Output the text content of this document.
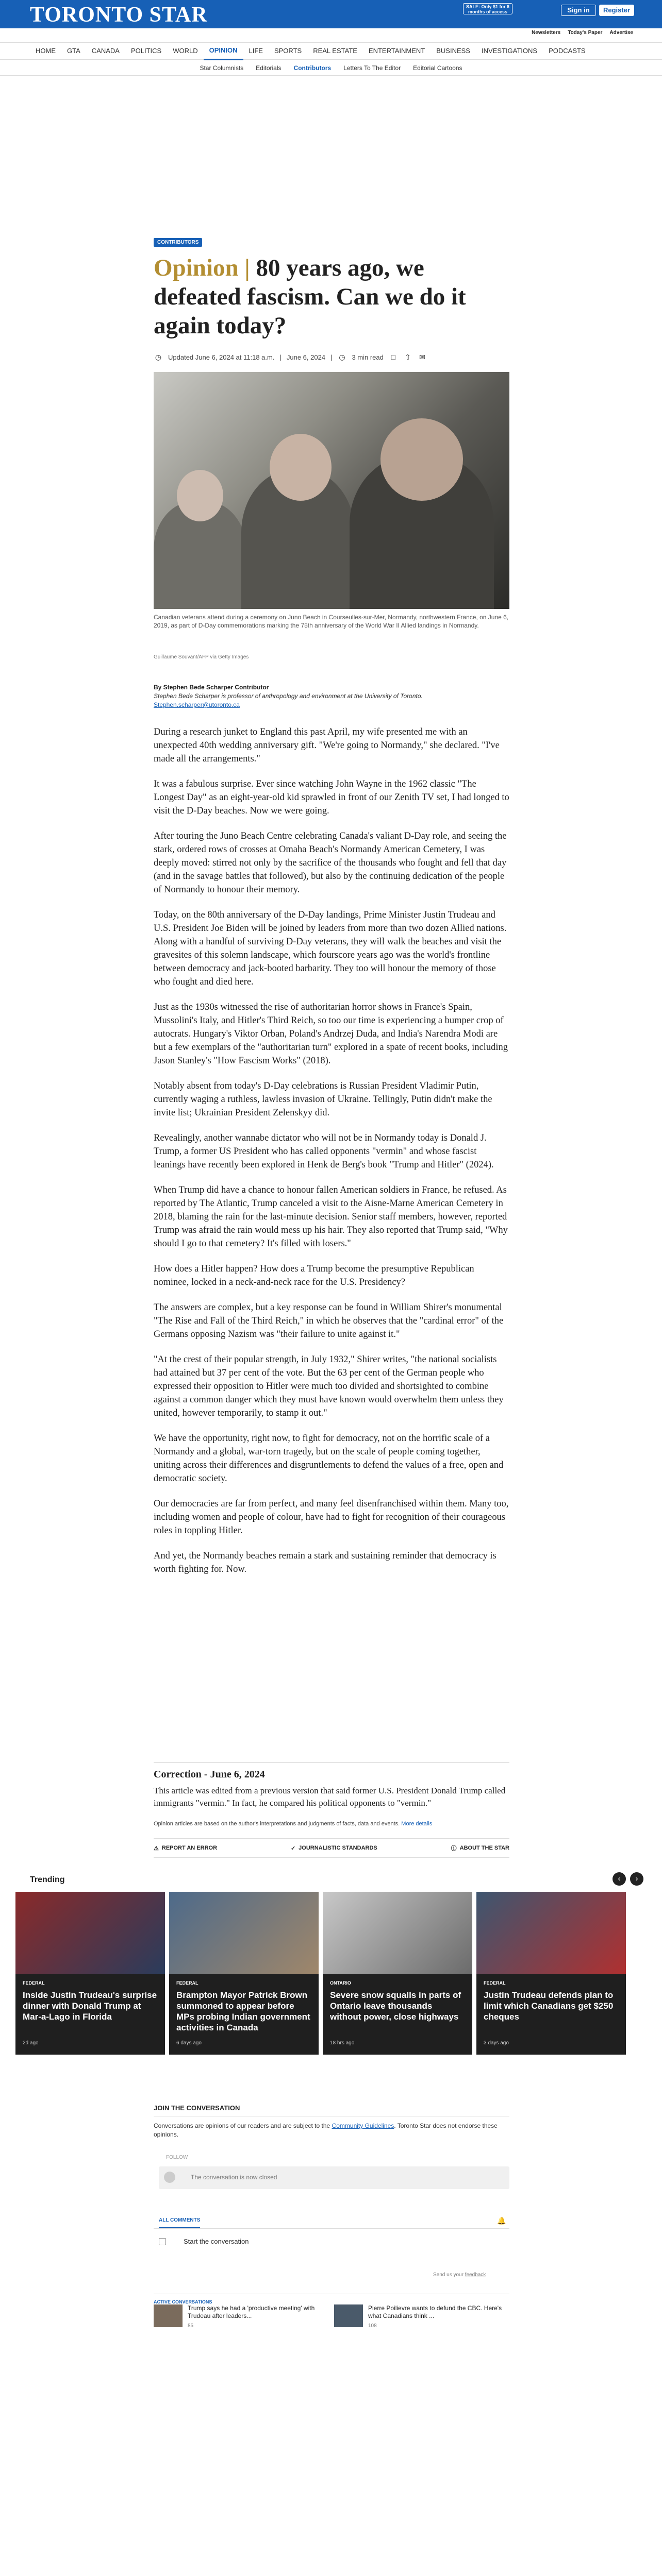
TORONTO STAR	SALE: Only $1 for 6 months of access	Sign in	Register
Newsletters Today's Paper Advertise
HOME	GTA	CANADA	POLITICS	WORLD	OPINION	LIFE	SPORTS	REAL ESTATE	ENTERTAINMENT	BUSINESS	INVESTIGATIONS	PODCASTS
Star Columnists	Editorials	Contributors	Letters To The Editor	Editorial Cartoons
CONTRIBUTORS
Opinion | 80 years ago, we defeated fascism. Can we do it again today?
◷ Updated June 6, 2024 at 11:18 a.m. | June 6, 2024 | ◷ 3 min read	□	⇧ ✉
Canadian veterans attend during a ceremony on Juno Beach in Courseulles-sur-Mer, Normandy, northwestern France, on June 6, 2019, as part of D-Day commemorations marking the 75th anniversary of the World War II Allied landings in Normandy.
Guillaume Souvant/AFP via Getty Images
By Stephen Bede Scharper Contributor
Stephen Bede Scharper is professor of anthropology and environment at the University of Toronto.
Stephen.scharper@utoronto.ca

During a research junket to England this past April, my wife presented me with an unexpected 40th wedding anniversary gift. "We're going to Normandy," she declared. "I've made all the arrangements."

It was a fabulous surprise. Ever since watching John Wayne in the 1962 classic "The Longest Day" as an eight-year-old kid sprawled in front of our Zenith TV set, I had longed to visit the D-Day beaches. Now we were going.

After touring the Juno Beach Centre celebrating Canada's valiant D-Day role, and seeing the stark, ordered rows of crosses at Omaha Beach's Normandy American Cemetery, I was deeply moved: stirred not only by the sacrifice of the thousands who fought and fell that day (and in the savage battles that followed), but also by the continuing dedication of the people of Normandy to honour their memory.

Today, on the 80th anniversary of the D-Day landings, Prime Minister Justin Trudeau and U.S. President Joe Biden will be joined by leaders from more than two dozen Allied nations. Along with a handful of surviving D-Day veterans, they will walk the beaches and visit the gravesites of this solemn landscape, which fourscore years ago was the world's frontline between democracy and jack-booted barbarity. They too will honour the memory of those who fought and died here.

Just as the 1930s witnessed the rise of authoritarian horror shows in France's Spain, Mussolini's Italy, and Hitler's Third Reich, so too our time is experiencing a bumper crop of autocrats. Hungary's Viktor Orban, Poland's Andrzej Duda, and India's Narendra Modi are but a few exemplars of the "authoritarian turn" explored in a spate of recent books, including Jason Stanley's "How Fascism Works" (2018).

Notably absent from today's D-Day celebrations is Russian President Vladimir Putin, currently waging a ruthless, lawless invasion of Ukraine. Tellingly, Putin didn't make the invite list; Ukrainian President Zelenskyy did.

Revealingly, another wannabe dictator who will not be in Normandy today is Donald J. Trump, a former US President who has called opponents "vermin" and whose fascist leanings have recently been explored in Henk de Berg's book "Trump and Hitler" (2024).

When Trump did have a chance to honour fallen American soldiers in France, he refused. As reported by The Atlantic, Trump canceled a visit to the Aisne-Marne American Cemetery in 2018, blaming the rain for the last-minute decision. Senior staff members, however, reported Trump was afraid the rain would mess up his hair. They also reported that Trump said, "Why should I go to that cemetery? It's filled with losers."

How does a Hitler happen? How does a Trump become the presumptive Republican nominee, locked in a neck-and-neck race for the U.S. Presidency?

The answers are complex, but a key response can be found in William Shirer's monumental "The Rise and Fall of the Third Reich," in which he observes that the "cardinal error" of the Germans opposing Nazism was "their failure to unite against it."

"At the crest of their popular strength, in July 1932," Shirer writes, "the national socialists had attained but 37 per cent of the vote. But the 63 per cent of the German people who expressed their opposition to Hitler were much too divided and shortsighted to combine against a common danger which they must have known would overwhelm them unless they united, however temporarily, to stamp it out."

We have the opportunity, right now, to fight for democracy, not on the horrific scale of a Normandy and a global, war-torn tragedy, but on the scale of people coming together, uniting across their differences and disgruntlements to defend the values of a free, open and democratic society.

Our democracies are far from perfect, and many feel disenfranchised within them. Many too, including women and people of colour, have had to fight for recognition of their courageous roles in toppling Hitler.

And yet, the Normandy beaches remain a stark and sustaining reminder that democracy is worth fighting for. Now.

Correction - June 6, 2024

This article was edited from a previous version that said former U.S. President Donald Trump called immigrants "vermin." In fact, he compared his political opponents to "vermin."

Opinion articles are based on the author's interpretations and judgments of facts, data and events. More details
⚠ REPORT AN ERROR	✓ JOURNALISTIC STANDARDS	ⓘ ABOUT THE STAR
Trending	‹	›
FEDERAL
Inside Justin Trudeau's surprise dinner with Donald Trump at Mar-a-Lago in Florida
2d ago
FEDERAL
Brampton Mayor Patrick Brown summoned to appear before MPs probing Indian government activities in Canada
6 days ago
ONTARIO
Severe snow squalls in parts of Ontario leave thousands without power, close highways
18 hrs ago
FEDERAL
Justin Trudeau defends plan to limit which Canadians get $250 cheques
3 days ago
JOIN THE CONVERSATION

Conversations are opinions of our readers and are subject to the Community Guidelines. Toronto Star does not endorse these opinions.

FOLLOW
The conversation is now closed
ALL COMMENTS	🔔
Start the conversation
Send us your feedback
ACTIVE CONVERSATIONS
Trump says he had a 'productive meeting' with Trudeau after leaders...
85
Pierre Poilievre wants to defund the CBC. Here's what Canadians think ...
108
